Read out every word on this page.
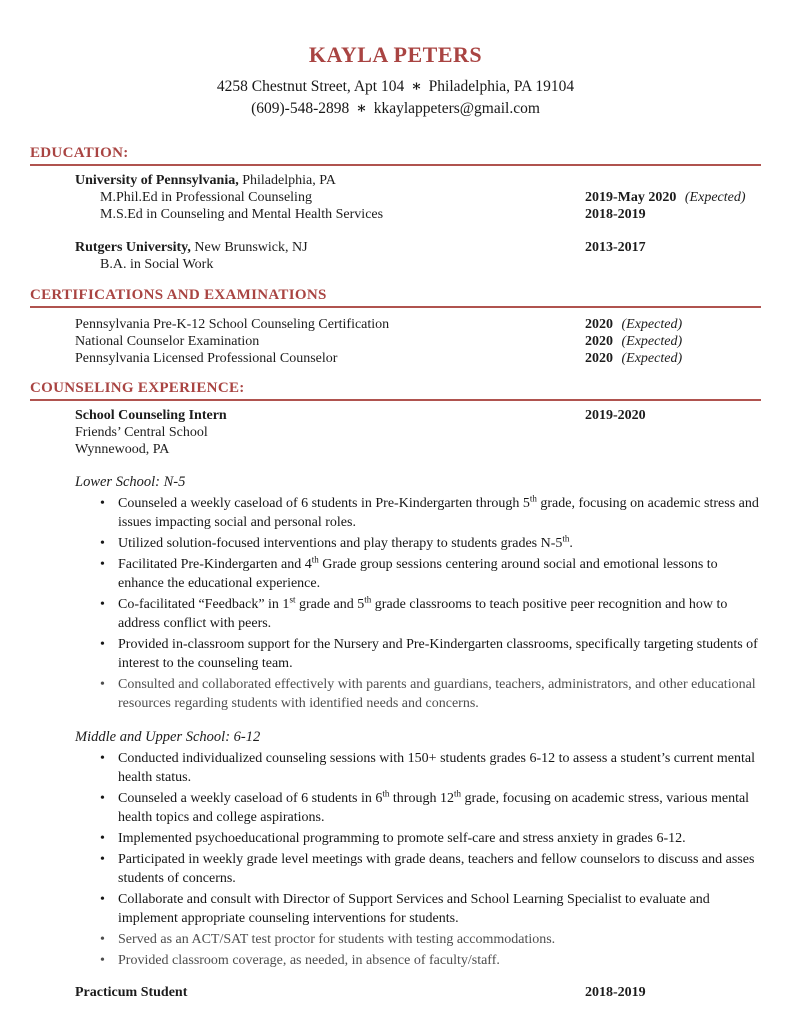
KAYLA PETERS
4258 Chestnut Street, Apt 104 ∗ Philadelphia, PA 19104
(609)-548-2898 ∗ kkaylappeters@gmail.com
EDUCATION:
University of Pennsylvania, Philadelphia, PA
M.Phil.Ed in Professional Counseling	2019-May 2020 (Expected)
M.S.Ed in Counseling and Mental Health Services	2018-2019
Rutgers University, New Brunswick, NJ	2013-2017
B.A. in Social Work
CERTIFICATIONS AND EXAMINATIONS
Pennsylvania Pre-K-12 School Counseling Certification	2020 (Expected)
National Counselor Examination	2020 (Expected)
Pennsylvania Licensed Professional Counselor	2020 (Expected)
COUNSELING EXPERIENCE:
School Counseling Intern	2019-2020
Friends’ Central School
Wynnewood, PA
Lower School: N-5
• Counseled a weekly caseload of 6 students in Pre-Kindergarten through 5th grade, focusing on academic stress and issues impacting social and personal roles.
• Utilized solution-focused interventions and play therapy to students grades N-5th.
• Facilitated Pre-Kindergarten and 4th Grade group sessions centering around social and emotional lessons to enhance the educational experience.
• Co-facilitated “Feedback” in 1st grade and 5th grade classrooms to teach positive peer recognition and how to address conflict with peers.
• Provided in-classroom support for the Nursery and Pre-Kindergarten classrooms, specifically targeting students of interest to the counseling team.
• Consulted and collaborated effectively with parents and guardians, teachers, administrators, and other educational resources regarding students with identified needs and concerns.
Middle and Upper School: 6-12
• Conducted individualized counseling sessions with 150+ students grades 6-12 to assess a student’s current mental health status.
• Counseled a weekly caseload of 6 students in 6th through 12th grade, focusing on academic stress, various mental health topics and college aspirations.
• Implemented psychoeducational programming to promote self-care and stress anxiety in grades 6-12.
• Participated in weekly grade level meetings with grade deans, teachers and fellow counselors to discuss and asses students of concerns.
• Collaborate and consult with Director of Support Services and School Learning Specialist to evaluate and implement appropriate counseling interventions for students.
• Served as an ACT/SAT test proctor for students with testing accommodations.
• Provided classroom coverage, as needed, in absence of faculty/staff.
Practicum Student	2018-2019
